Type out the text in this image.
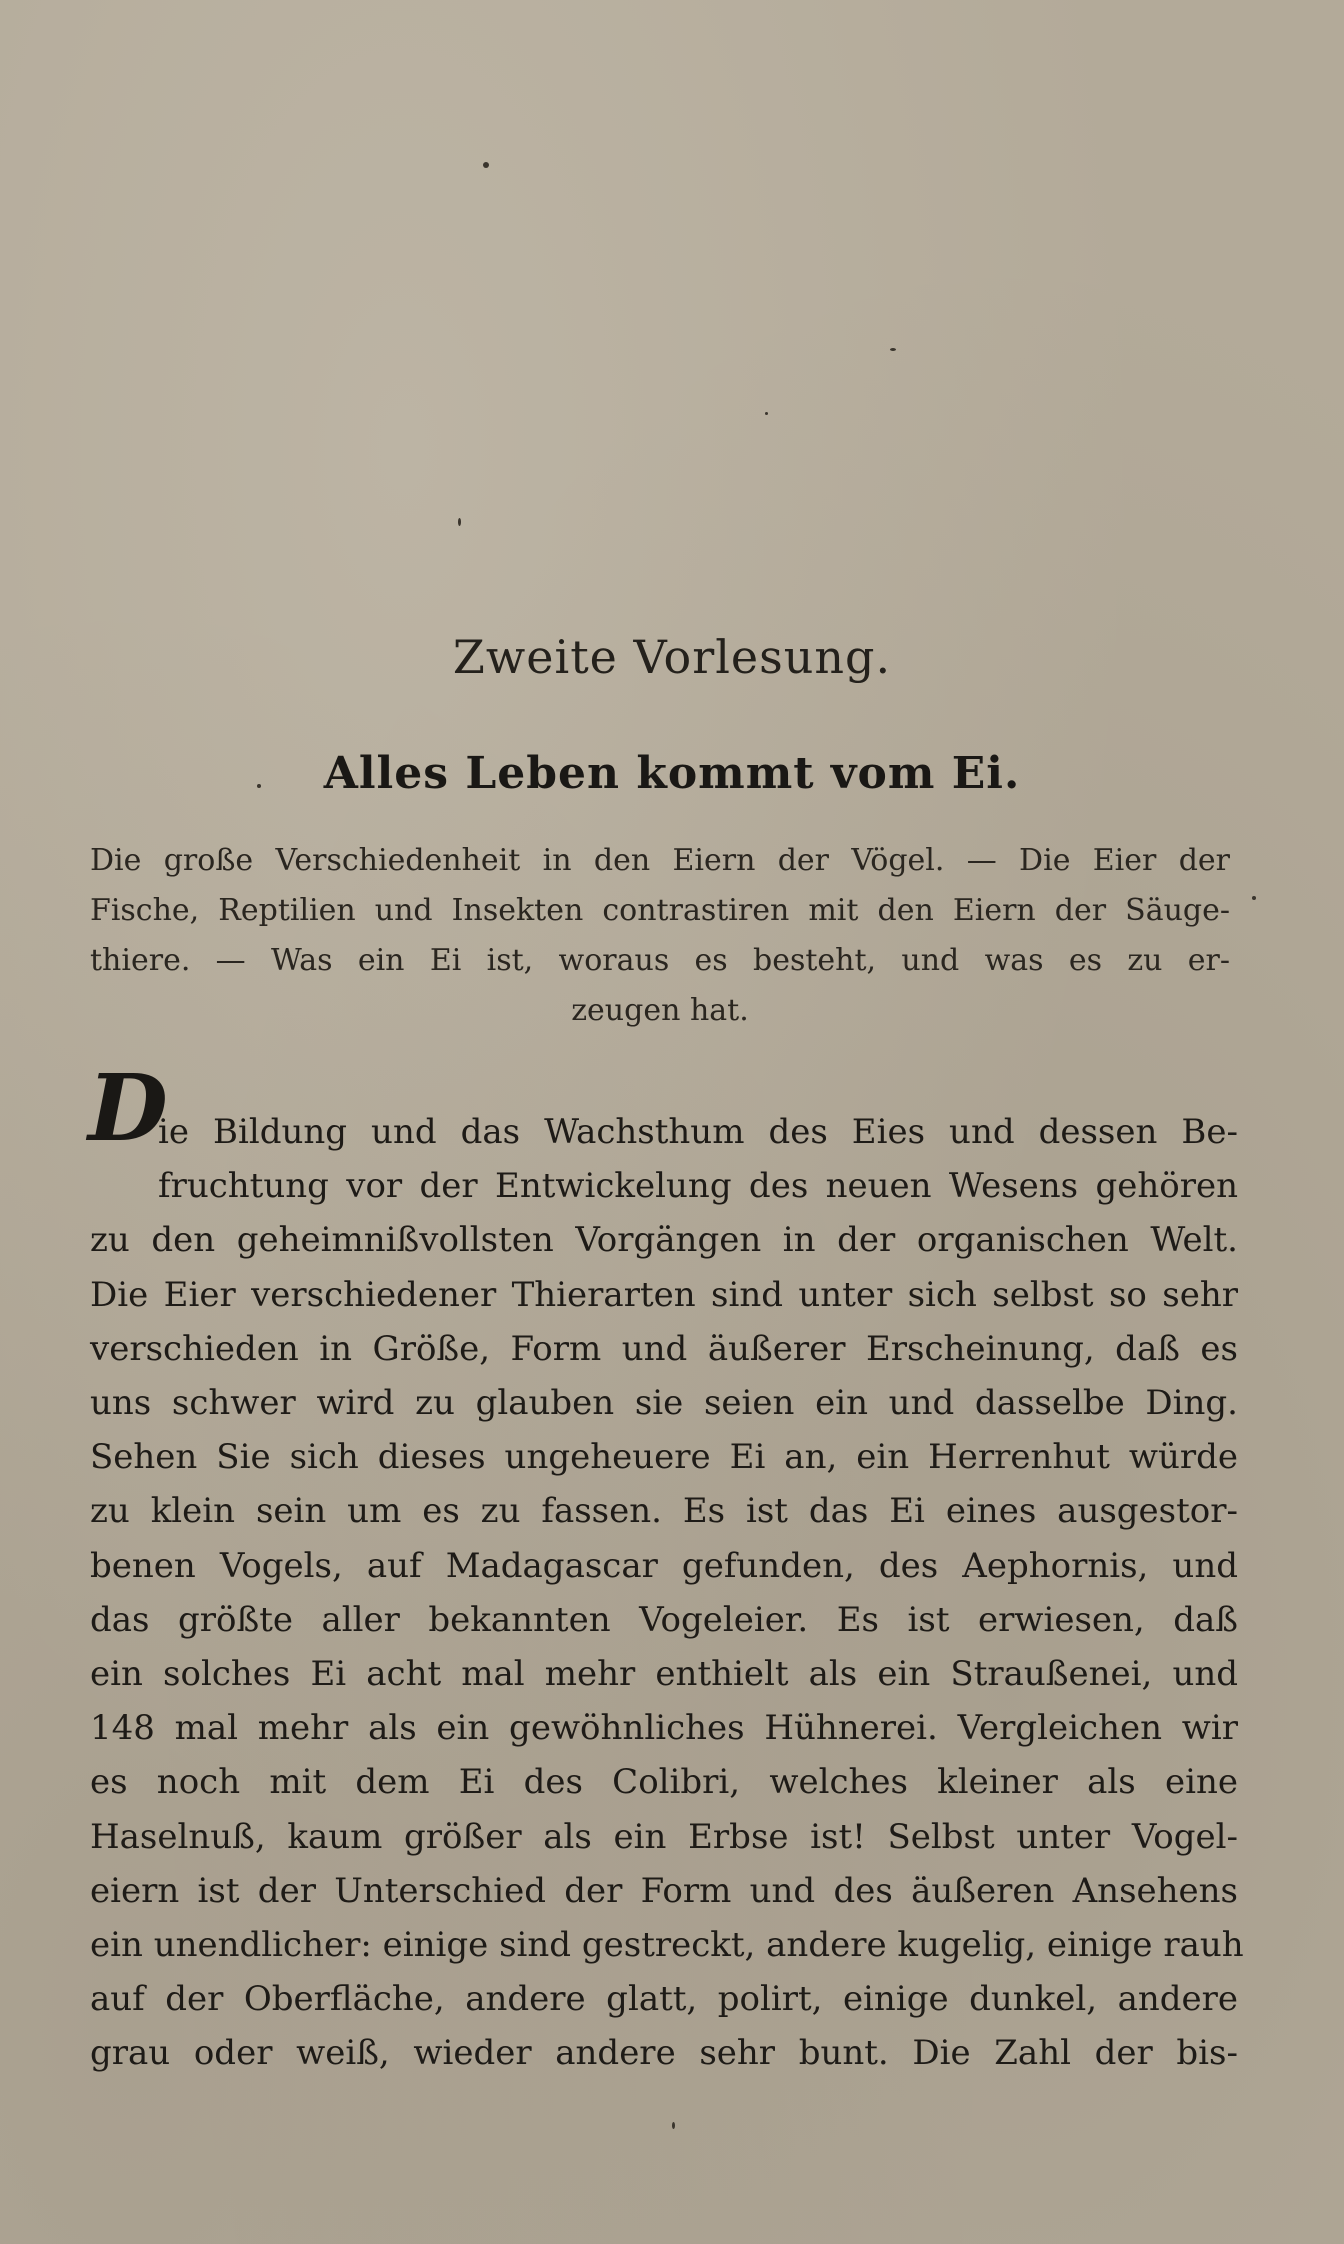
Zweite Vorlesung.
Alles Leben kommt vom Ei.
Die große Verschiedenheit in den Eiern der Vögel. — Die Eier der
Fische, Reptilien und Insekten contrastiren mit den Eiern der Säuge-
thiere. — Was ein Ei ist, woraus es besteht, und was es zu er-
zeugen hat.
D
ie Bildung und das Wachsthum des Eies und dessen Be-
fruchtung vor der Entwickelung des neuen Wesens gehören
zu den geheimnißvollsten Vorgängen in der organischen Welt.
Die Eier verschiedener Thierarten sind unter sich selbst so sehr
verschieden in Größe, Form und äußerer Erscheinung, daß es
uns schwer wird zu glauben sie seien ein und dasselbe Ding.
Sehen Sie sich dieses ungeheuere Ei an, ein Herrenhut würde
zu klein sein um es zu fassen. Es ist das Ei eines ausgestor-
benen Vogels, auf Madagascar gefunden, des Aephornis, und
das größte aller bekannten Vogeleier. Es ist erwiesen, daß
ein solches Ei acht mal mehr enthielt als ein Straußenei, und
148 mal mehr als ein gewöhnliches Hühnerei. Vergleichen wir
es noch mit dem Ei des Colibri, welches kleiner als eine
Haselnuß, kaum größer als ein Erbse ist! Selbst unter Vogel-
eiern ist der Unterschied der Form und des äußeren Ansehens
ein unendlicher: einige sind gestreckt, andere kugelig, einige rauh
auf der Oberfläche, andere glatt, polirt, einige dunkel, andere
grau oder weiß, wieder andere sehr bunt. Die Zahl der bis-
